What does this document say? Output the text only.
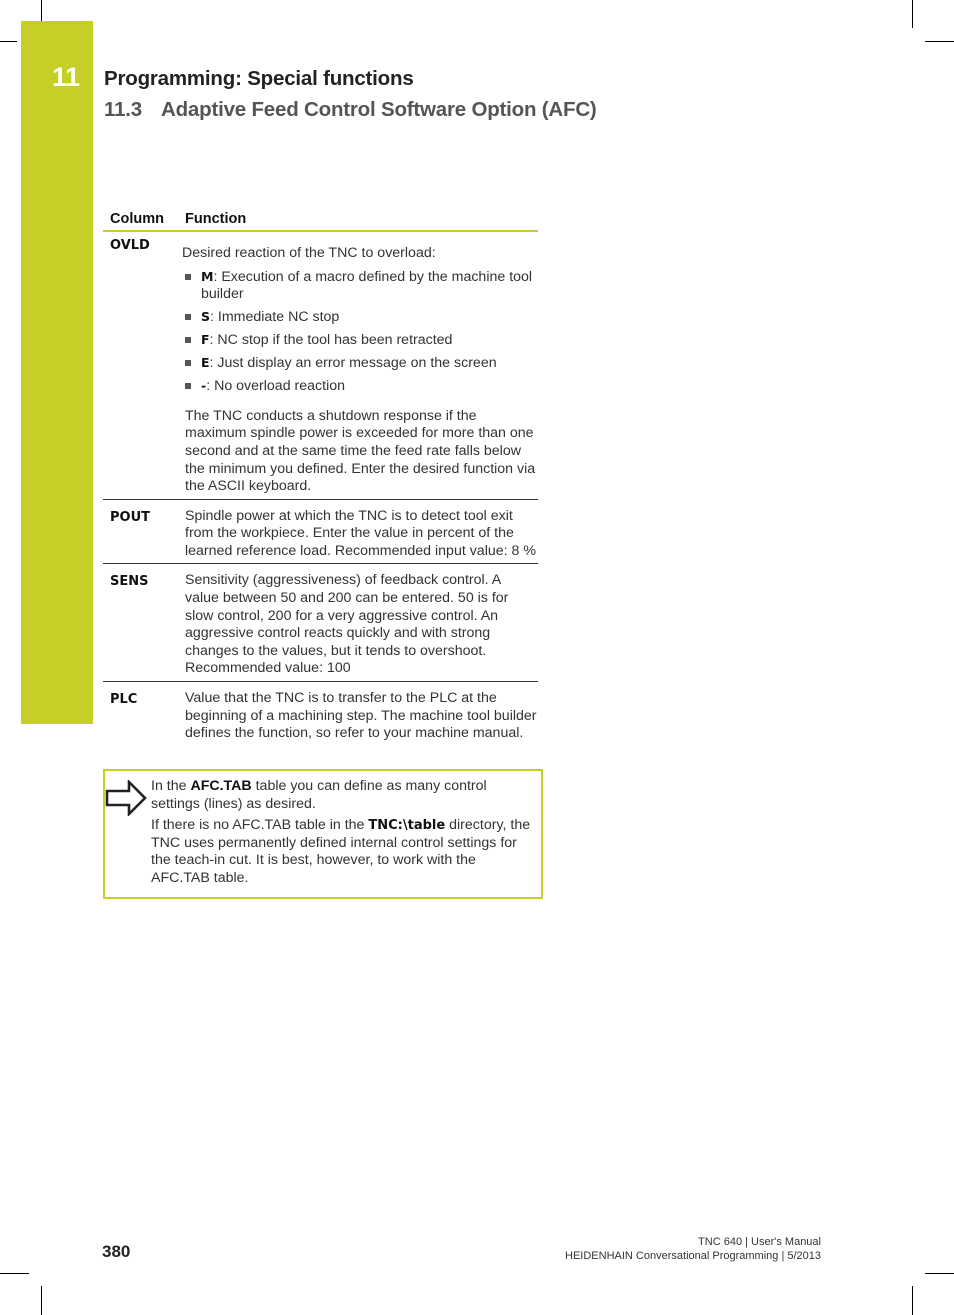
11 Programming: Special functions
11.3 Adaptive Feed Control Software Option (AFC)
Column	Function
OVLD	Desired reaction of the TNC to overload:

M: Execution of a macro defined by the machine tool builder
S: Immediate NC stop
F: NC stop if the tool has been retracted
E: Just display an error message on the screen
-: No overload reaction

The TNC conducts a shutdown response if the maximum spindle power is exceeded for more than one second and at the same time the feed rate falls below the minimum you defined. Enter the desired function via the ASCII keyboard.

POUT	Spindle power at which the TNC is to detect tool exit from the workpiece. Enter the value in percent of the learned reference load. Recommended input value: 8 %
SENS	Sensitivity (aggressiveness) of feedback control. A value between 50 and 200 can be entered. 50 is for slow control, 200 for a very aggressive control. An aggressive control reacts quickly and with strong changes to the values, but it tends to overshoot. Recommended value: 100
PLC	Value that the TNC is to transfer to the PLC at the beginning of a machining step. The machine tool builder defines the function, so refer to your machine manual.

In the AFC.TAB table you can define as many control settings (lines) as desired.

If there is no AFC.TAB table in the TNC:\table directory, the TNC uses permanently defined internal control settings for the teach-in cut. It is best, however, to work with the AFC.TAB table.

380	TNC 640 | User's Manual
HEIDENHAIN Conversational Programming | 5/2013
